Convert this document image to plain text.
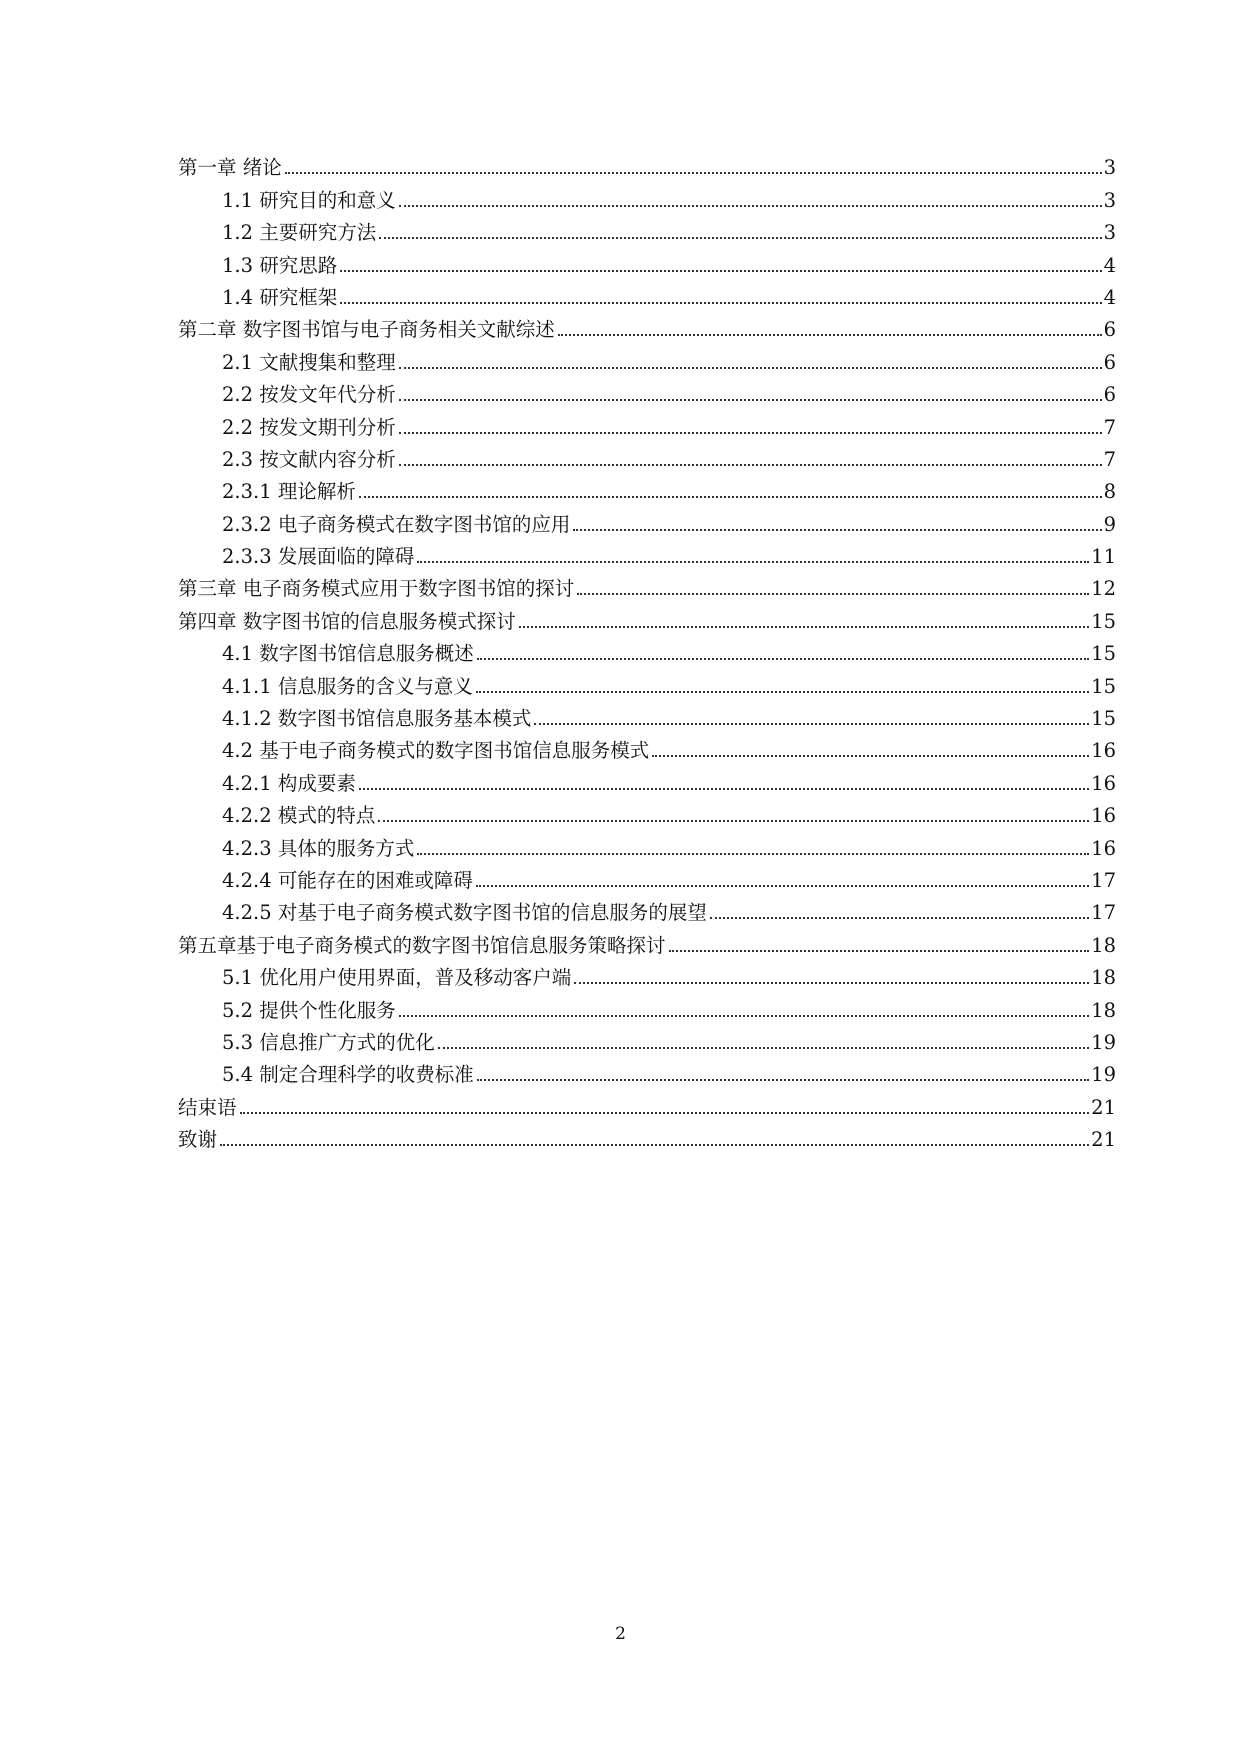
第一章 绪论	3
1.1 研究目的和意义	3
1.2 主要研究方法	3
1.3 研究思路	4
1.4 研究框架	4
第二章 数字图书馆与电子商务相关文献综述	6
2.1 文献搜集和整理	6
2.2 按发文年代分析	6
2.2 按发文期刊分析	7
2.3 按文献内容分析	7
2.3.1 理论解析	8
2.3.2 电子商务模式在数字图书馆的应用	9
2.3.3 发展面临的障碍	11
第三章 电子商务模式应用于数字图书馆的探讨	12
第四章 数字图书馆的信息服务模式探讨	15
4.1 数字图书馆信息服务概述	15
4.1.1 信息服务的含义与意义	15
4.1.2 数字图书馆信息服务基本模式	15
4.2 基于电子商务模式的数字图书馆信息服务模式	16
4.2.1 构成要素	16
4.2.2 模式的特点	16
4.2.3 具体的服务方式	16
4.2.4 可能存在的困难或障碍	17
4.2.5 对基于电子商务模式数字图书馆的信息服务的展望	17
第五章基于电子商务模式的数字图书馆信息服务策略探讨	18
5.1 优化用户使用界面，普及移动客户端	18
5.2 提供个性化服务	18
5.3 信息推广方式的优化	19
5.4 制定合理科学的收费标准	19
结束语	21
致谢	21
2
